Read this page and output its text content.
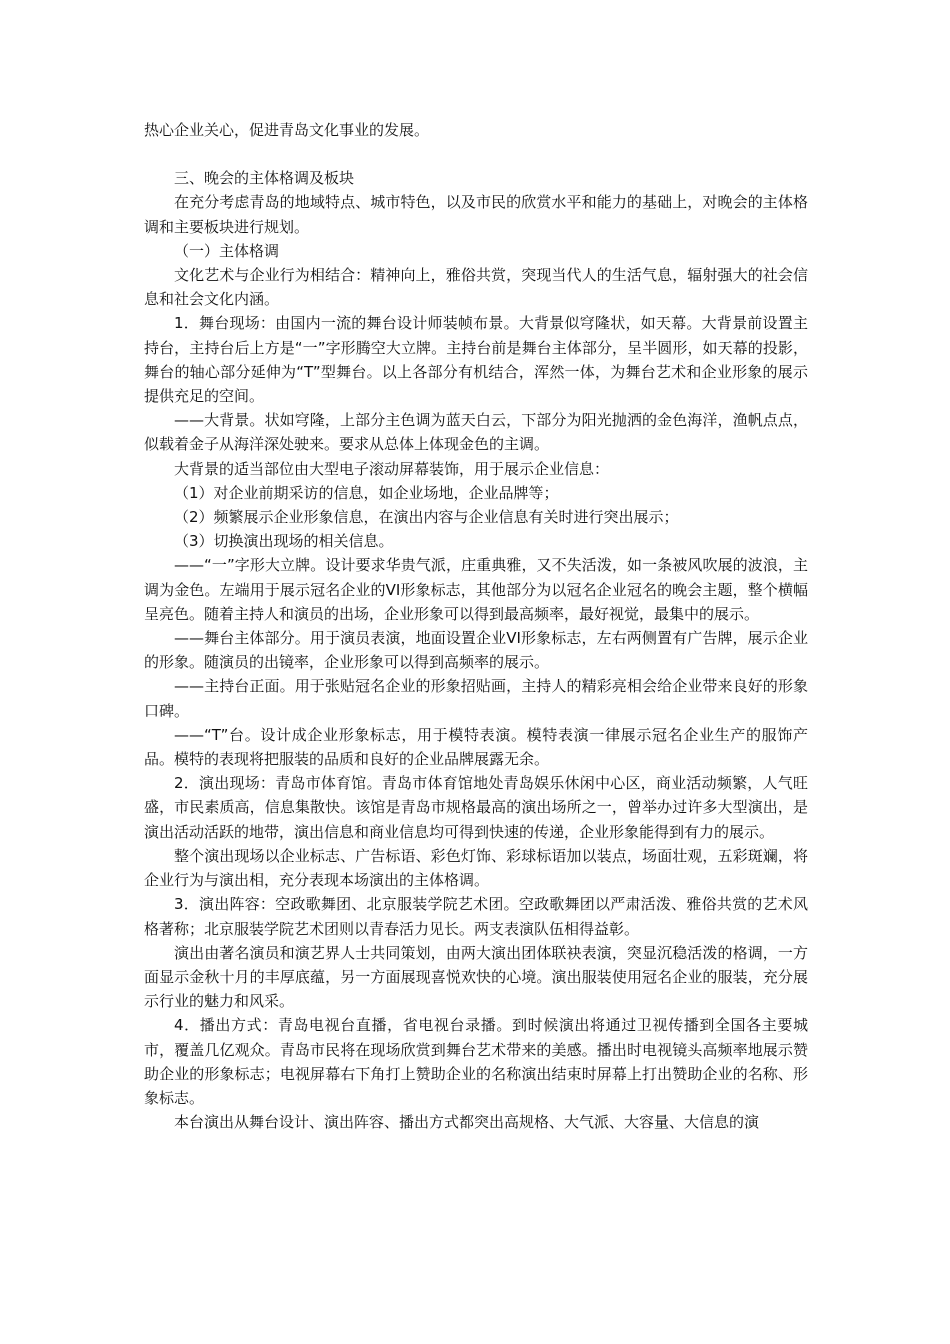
热心企业关心，促进青岛文化事业的发展。

三、晚会的主体格调及板块

在充分考虑青岛的地域特点、城市特色，以及市民的欣赏水平和能力的基础上，对晚会的主体格调和主要板块进行规划。

（一）主体格调

文化艺术与企业行为相结合：精神向上，雅俗共赏，突现当代人的生活气息，辐射强大的社会信息和社会文化内涵。

1．舞台现场：由国内一流的舞台设计师装帧布景。大背景似穹隆状，如天幕。大背景前设置主持台，主持台后上方是“一”字形腾空大立牌。主持台前是舞台主体部分，呈半圆形，如天幕的投影，舞台的轴心部分延伸为“T”型舞台。以上各部分有机结合，浑然一体，为舞台艺术和企业形象的展示提供充足的空间。

——大背景。状如穹隆，上部分主色调为蓝天白云，下部分为阳光抛洒的金色海洋，渔帆点点，似载着金子从海洋深处驶来。要求从总体上体现金色的主调。

大背景的适当部位由大型电子滚动屏幕装饰，用于展示企业信息：

（1）对企业前期采访的信息，如企业场地，企业品牌等；

（2）频繁展示企业形象信息，在演出内容与企业信息有关时进行突出展示；

（3）切换演出现场的相关信息。

——“一”字形大立牌。设计要求华贵气派，庄重典雅，又不失活泼，如一条被风吹展的波浪，主调为金色。左端用于展示冠名企业的VI形象标志，其他部分为以冠名企业冠名的晚会主题，整个横幅呈亮色。随着主持人和演员的出场，企业形象可以得到最高频率，最好视觉，最集中的展示。

——舞台主体部分。用于演员表演，地面设置企业VI形象标志，左右两侧置有广告牌，展示企业的形象。随演员的出镜率，企业形象可以得到高频率的展示。

——主持台正面。用于张贴冠名企业的形象招贴画，主持人的精彩亮相会给企业带来良好的形象口碑。

——“T”台。设计成企业形象标志，用于模特表演。模特表演一律展示冠名企业生产的服饰产品。模特的表现将把服装的品质和良好的企业品牌展露无余。

2．演出现场：青岛市体育馆。青岛市体育馆地处青岛娱乐休闲中心区，商业活动频繁，人气旺盛，市民素质高，信息集散快。该馆是青岛市规格最高的演出场所之一，曾举办过许多大型演出，是演出活动活跃的地带，演出信息和商业信息均可得到快速的传递，企业形象能得到有力的展示。

整个演出现场以企业标志、广告标语、彩色灯饰、彩球标语加以装点，场面壮观，五彩斑斓，将企业行为与演出相，充分表现本场演出的主体格调。

3．演出阵容：空政歌舞团、北京服装学院艺术团。空政歌舞团以严肃活泼、雅俗共赏的艺术风格著称；北京服装学院艺术团则以青春活力见长。两支表演队伍相得益彰。

演出由著名演员和演艺界人士共同策划，由两大演出团体联袂表演，突显沉稳活泼的格调，一方面显示金秋十月的丰厚底蕴，另一方面展现喜悦欢快的心境。演出服装使用冠名企业的服装，充分展示行业的魅力和风采。

4．播出方式：青岛电视台直播，省电视台录播。到时候演出将通过卫视传播到全国各主要城市，覆盖几亿观众。青岛市民将在现场欣赏到舞台艺术带来的美感。播出时电视镜头高频率地展示赞助企业的形象标志；电视屏幕右下角打上赞助企业的名称演出结束时屏幕上打出赞助企业的名称、形象标志。

本台演出从舞台设计、演出阵容、播出方式都突出高规格、大气派、大容量、大信息的演
